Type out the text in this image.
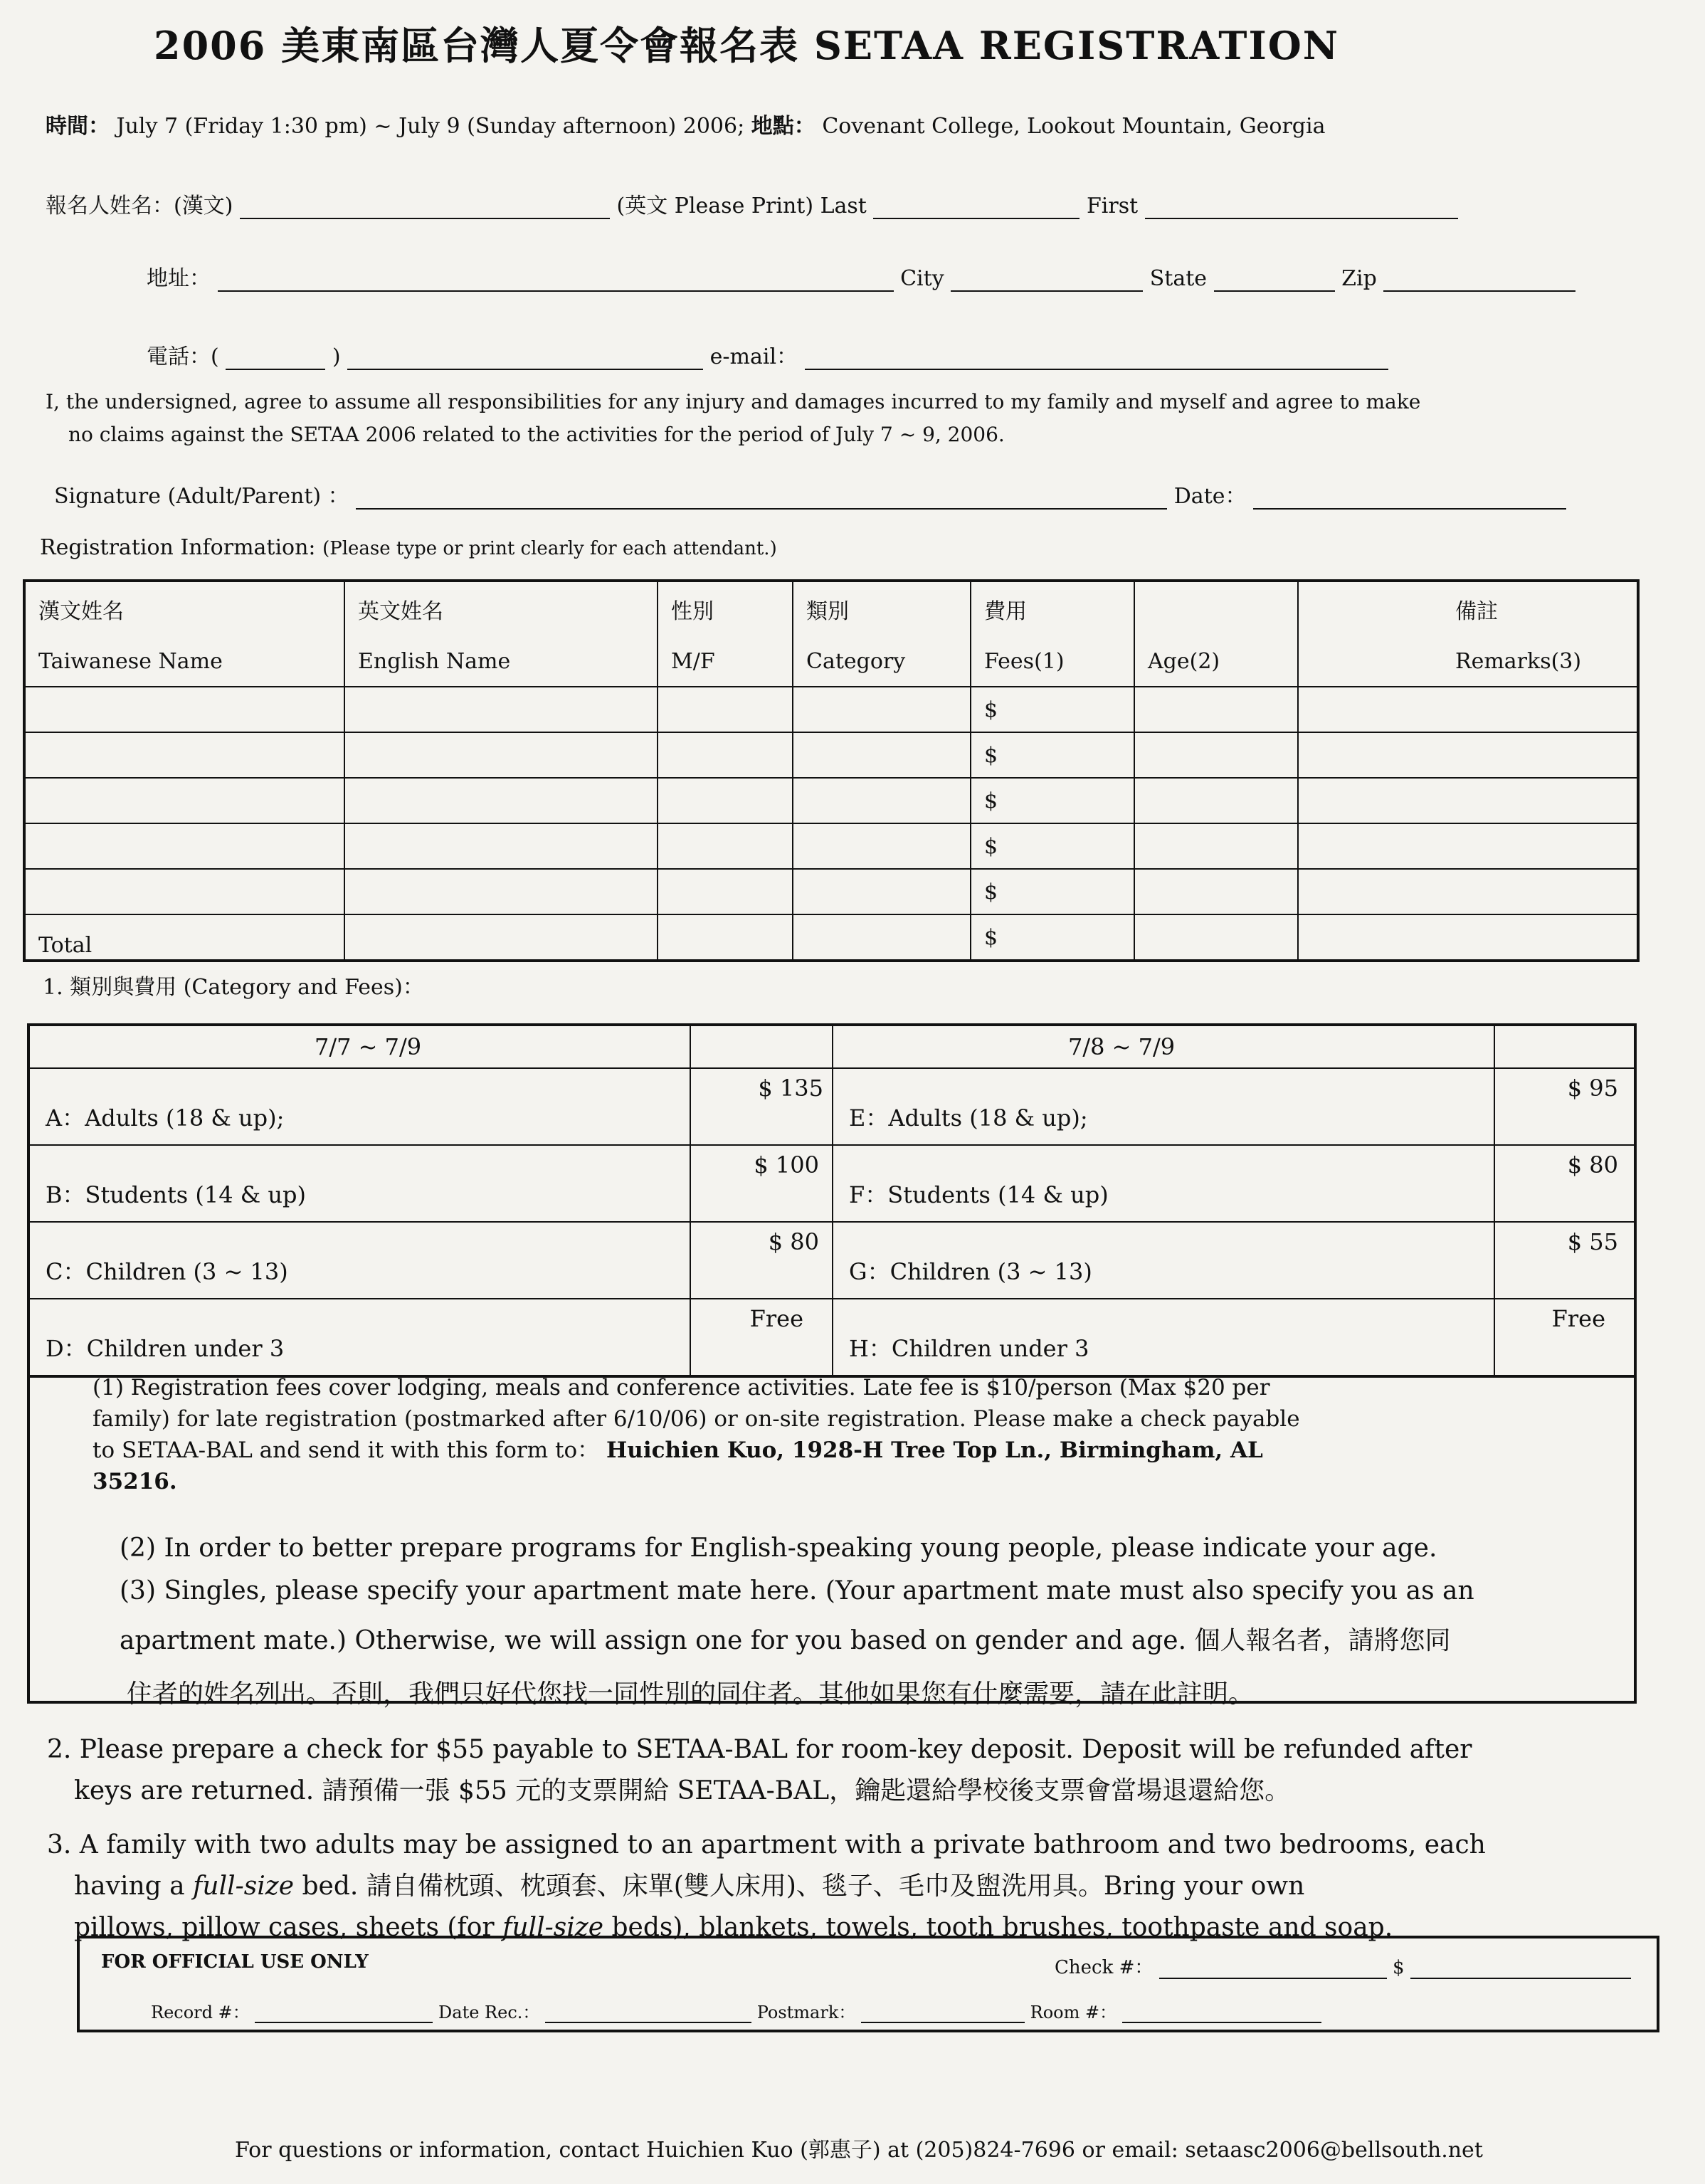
2006 美東南區台灣人夏令會報名表 SETAA REGISTRATION
時間： July 7 (Friday 1:30 pm) ~ July 9 (Sunday afternoon) 2006; 地點： Covenant College, Lookout Mountain, Georgia
報名人姓名：(漢文)	(英文 Please Print) Last	First
地址：	City	State	Zip
電話：(	)	e-mail：
I, the undersigned, agree to assume all responsibilities for any injury and damages incurred to my family and myself and agree to make
no claims against the SETAA 2006 related to the activities for the period of July 7 ~ 9, 2006.
Signature (Adult/Parent) ：	Date：
Registration Information: (Please type or print clearly for each attendant.)
漢文姓名	英文姓名	性別	類別	費用		備註
Taiwanese Name	English Name	M/F	Category	Fees(1)	Age(2)	Remarks(3)
				$		
				$		
				$		
				$		
				$		
Total				$		
1. 類別與費用 (Category and Fees)：
7/7 ~ 7/9		7/8 ~ 7/9	

A：Adults (18 & up);	$ 135	E：Adults (18 & up);	$ 95

B：Students (14 & up)	$ 100	F：Students (14 & up)	$ 80

C：Children (3 ~ 13)	$ 80	G：Children (3 ~ 13)	$ 55

D：Children under 3	Free	H：Children under 3	Free
(1) Registration fees cover lodging, meals and conference activities. Late fee is $10/person (Max $20 per
family) for late registration (postmarked after 6/10/06) or on-site registration. Please make a check payable
to SETAA-BAL and send it with this form to： Huichien Kuo, 1928-H Tree Top Ln., Birmingham, AL
35216.
(2) In order to better prepare programs for English-speaking young people, please indicate your age.
(3) Singles, please specify your apartment mate here. (Your apartment mate must also specify you as an
apartment mate.) Otherwise, we will assign one for you based on gender and age. 個人報名者，請將您同
住者的姓名列出。否則，我們只好代您找一同性別的同住者。其他如果您有什麼需要，請在此註明。
2. Please prepare a check for $55 payable to SETAA-BAL for room-key deposit. Deposit will be refunded after
keys are returned. 請預備一張 $55 元的支票開給 SETAA-BAL，鑰匙還給學校後支票會當場退還給您。
3. A family with two adults may be assigned to an apartment with a private bathroom and two bedrooms, each
having a full-size bed. 請自備枕頭、枕頭套、床單(雙人床用)、毯子、毛巾及盥洗用具。Bring your own
pillows, pillow cases, sheets (for full-size beds), blankets, towels, tooth brushes, toothpaste and soap.
FOR OFFICIAL USE ONLY	Check #：	$
Record #：	Date Rec.：	Postmark：	Room #：
For questions or information, contact Huichien Kuo (郭惠子) at (205)824-7696 or email: setaasc2006@bellsouth.net
